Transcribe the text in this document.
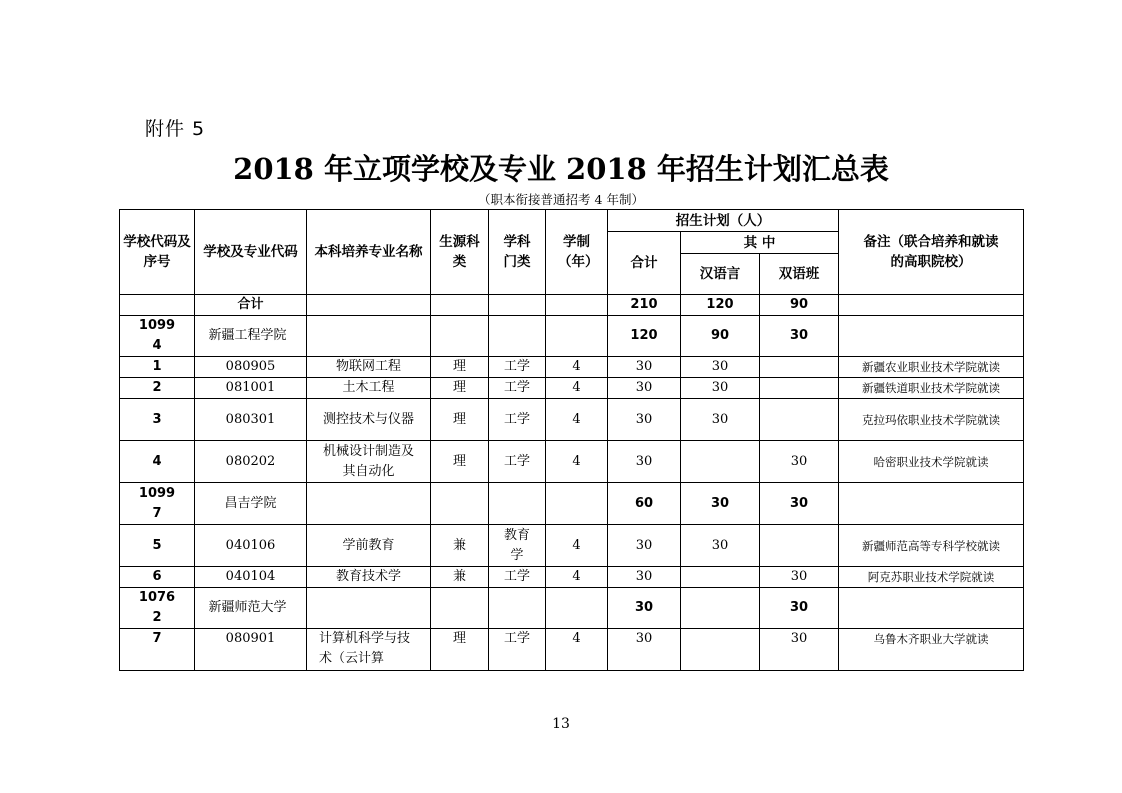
附件 5
2018 年立项学校及专业 2018 年招生计划汇总表
（职本衔接普通招考 4 年制）
学校代码及序号	学校及专业代码	本科培养专业名称	生源科类	学科门类	学制（年）	招生计划（人）			备注（联合培养和就读的高职院校）
						合计	其 中		
							汉语言	双语班	
	合计					210	120	90	
10994	新疆工程学院					120	90	30	
1	080905	物联网工程	理	工学	4	30	30		新疆农业职业技术学院就读
2	081001	土木工程	理	工学	4	30	30		新疆铁道职业技术学院就读
3	080301	测控技术与仪器	理	工学	4	30	30		克拉玛依职业技术学院就读
4	080202	机械设计制造及其自动化	理	工学	4	30		30	哈密职业技术学院就读
10997	昌吉学院					60	30	30	
5	040106	学前教育	兼	教育学	4	30	30		新疆师范高等专科学校就读
6	040104	教育技术学	兼	工学	4	30		30	阿克苏职业技术学院就读
10762	新疆师范大学					30		30	
7	080901	计算机科学与技术（云计算	理	工学	4	30		30	乌鲁木齐职业大学就读
13
